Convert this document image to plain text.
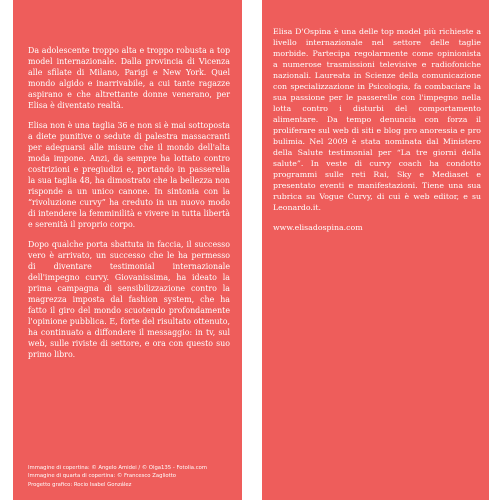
Da adolescente troppo alta e troppo robusta a top model internazionale. Dalla provincia di Vicenza alle sfilate di Milano, Parigi e New York. Quel mondo algido e inarrivabile, a cui tante ragazze aspirano e che altrettante donne venerano, per Elisa è diventato realtà.

Elisa non è una taglia 36 e non si è mai sottoposta a diete punitive o sedute di palestra massacranti per adeguarsi alle misure che il mondo dell'alta moda impone. Anzi, da sempre ha lottato contro costrizioni e pregiudizi e, portando in passerella la sua taglia 48, ha dimostrato che la bellezza non risponde a un unico canone. In sintonia con la “rivoluzione curvy” ha creduto in un nuovo modo di intendere la femminilità e vivere in tutta libertà e serenità il proprio corpo.

Dopo qualche porta sbattuta in faccia, il successo vero è arrivato, un successo che le ha permesso di diventare testimonial internazionale dell'impegno curvy. Giovanissima, ha ideato la prima campagna di sensibilizzazione contro la magrezza imposta dal fashion system, che ha fatto il giro del mondo scuotendo profondamente l'opinione pubblica. E, forte del risultato ottenuto, ha continuato a diffondere il messaggio: in tv, sul web, sulle riviste di settore, e ora con questo suo primo libro.

Immagine di copertina: © Angelo Amidei / © Olga135 - Fotolia.com
Immagine di quarta di copertina: © Francesco Zagliotto
Progetto grafico: Rocio Isabel González

Elisa D'Ospina è una delle top model più richieste a livello internazionale nel settore delle taglie morbide. Partecipa regolarmente come opinionista a numerose trasmissioni televisive e radiofoniche nazionali. Laureata in Scienze della comunicazione con specializzazione in Psicologia, fa combaciare la sua passione per le passerelle con l'impegno nella lotta contro i disturbi del comportamento alimentare. Da tempo denuncia con forza il proliferare sul web di siti e blog pro anoressia e pro bulimia. Nel 2009 è stata nominata dal Ministero della Salute testimonial per “La tre giorni della salute”. In veste di curvy coach ha condotto programmi sulle reti Rai, Sky e Mediaset e presentato eventi e manifestazioni. Tiene una sua rubrica su Vogue Curvy, di cui è web editor, e su Leonardo.it.

www.elisadospina.com
